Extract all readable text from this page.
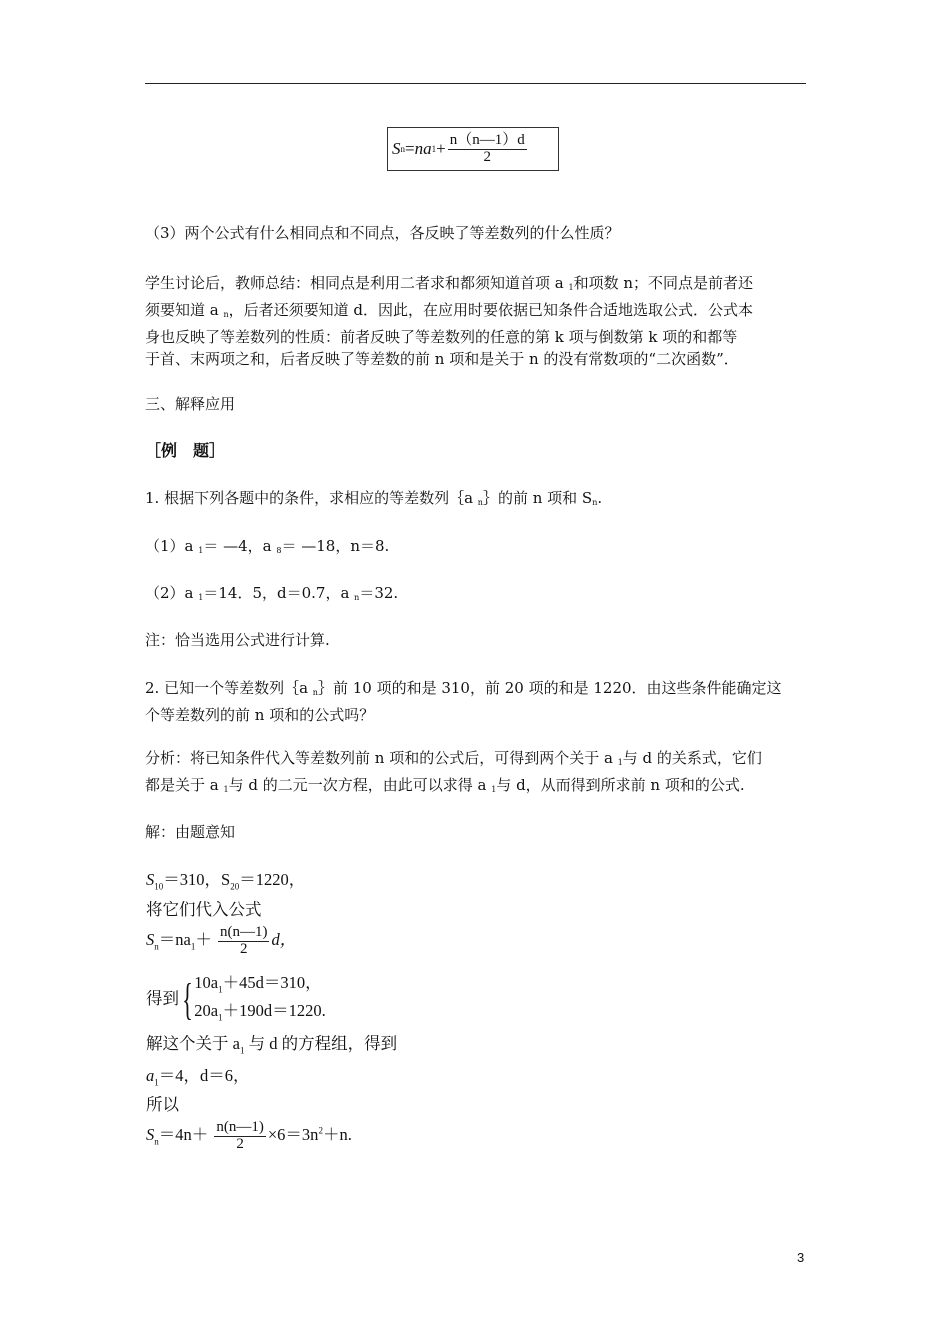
S n = na $1 + \frac{n(n—1)d}{2}$
（3）两个公式有什么相同点和不同点，各反映了等差数列的什么性质？
学生讨论后，教师总结：相同点是利用二者求和都须知道首项 a 1和项数 n；不同点是前者还
须要知道 a n，后者还须要知道 d．因此，在应用时要依据已知条件合适地选取公式．公式本
身也反映了等差数列的性质：前者反映了等差数列的任意的第 k 项与倒数第 k 项的和都等
于首、末两项之和，后者反映了等差数的前 n 项和是关于 n 的没有常数项的“二次函数”．
三、解释应用
［例　题］
1. 根据下列各题中的条件，求相应的等差数列｛a n｝的前 n 项和 Sn.
（1）a 1＝ —4，a 8＝ —18，n＝8.
（2）a 1＝14．5，d＝0.7，a n＝32.
注：恰当选用公式进行计算.
2. 已知一个等差数列｛a n｝前 10 项的和是 310，前 20 项的和是 1220．由这些条件能确定这
个等差数列的前 n 项和的公式吗？
分析：将已知条件代入等差数列前 n 项和的公式后，可得到两个关于 a 1与 d 的关系式，它们
都是关于 a 1与 d 的二元一次方程，由此可以求得 a 1与 d，从而得到所求前 n 项和的公式.
解：由题意知
$S_{10}=310$，$S_{20}=1220$，
将它们代入公式
$S_n=na_1+ \frac{n(n—1)}{2}$ d，
得到 { $10a_1+45d=310$，
$20a_1+190d=1220$.
解这个关于 $a_1$ 与 d 的方程组，得到
$a_1=4$，d＝6，
所以
$S_n=4n+ \frac{n(n—1)}{2} \times 6=3n^2+n$.
3
